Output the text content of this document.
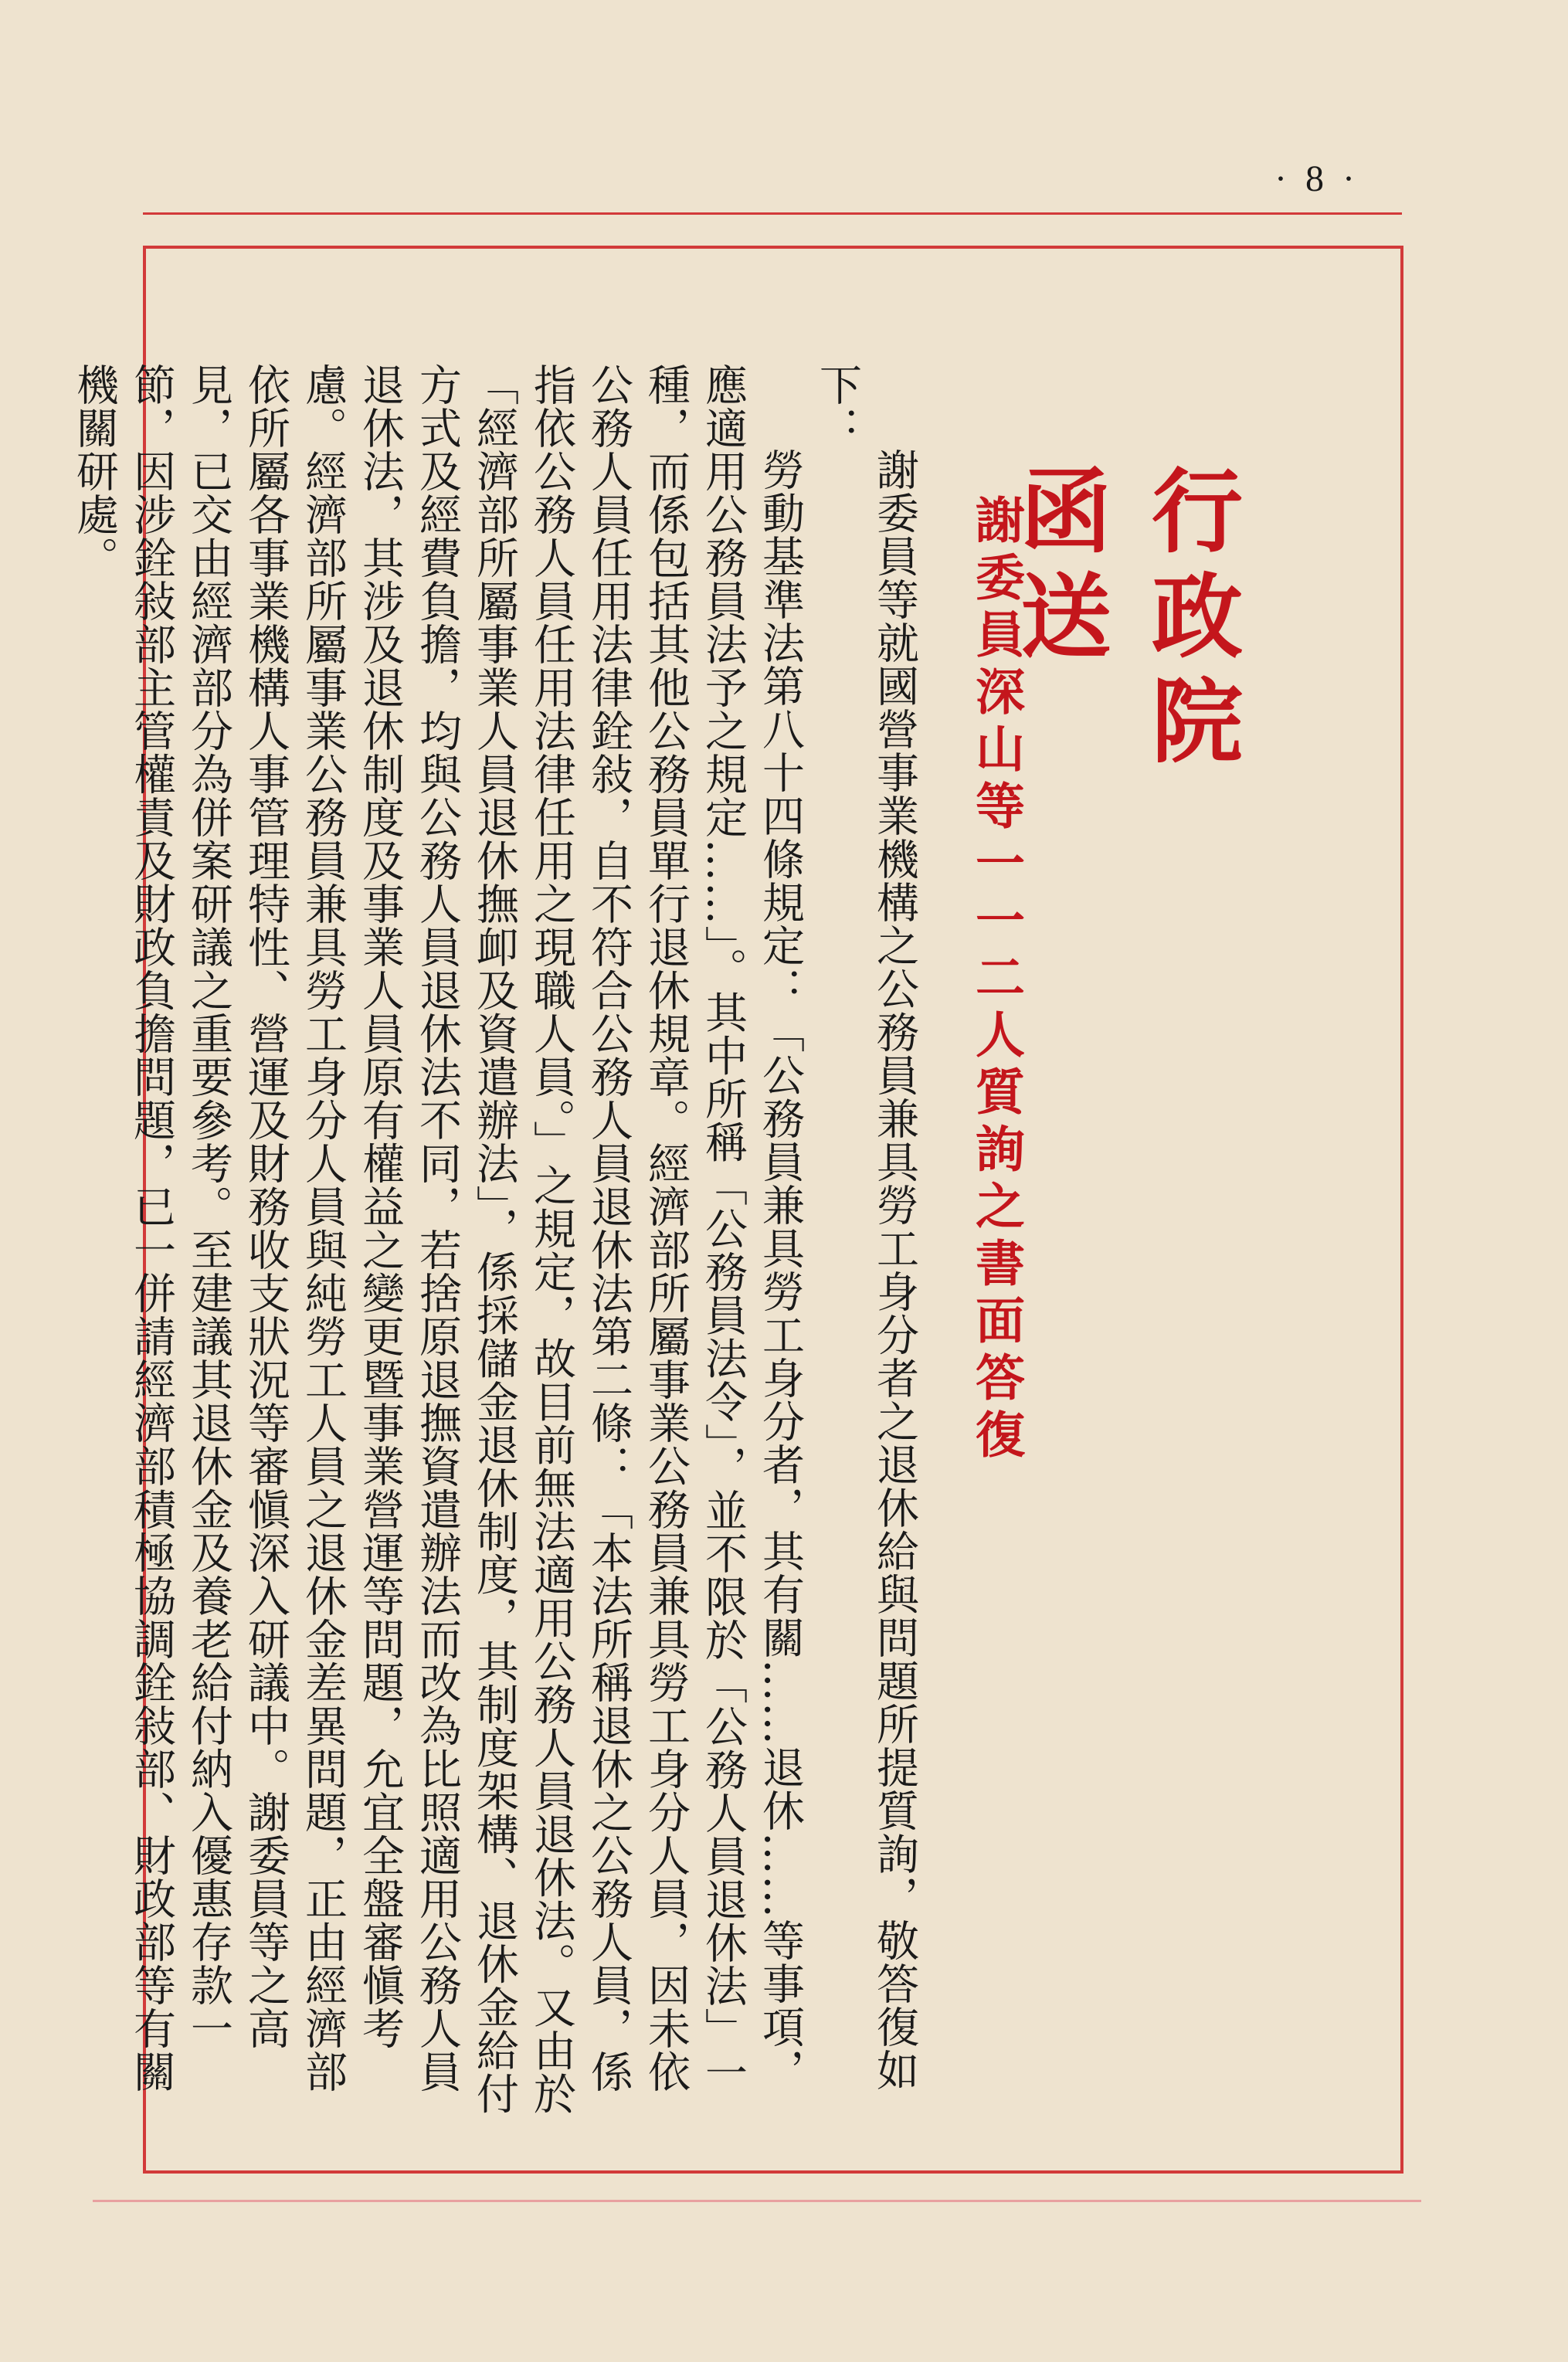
· 8 ·
行政院函送
謝委員深山等一一二人質詢之書面答復

謝委員等就國營事業機構之公務員兼具勞工身分者之退休給與問題所提質詢，敬答復如下：

勞動基準法第八十四條規定：「公務員兼具勞工身分者，其有關……退休……等事項，應適用公務員法予之規定……」。其中所稱「公務員法令」，並不限於「公務人員退休法」一種，而係包括其他公務員單行退休規章。經濟部所屬事業公務員兼具勞工身分人員，因未依公務人員任用法律銓敍，自不符合公務人員退休法第二條：「本法所稱退休之公務人員，係指依公務人員任用法律任用之現職人員。」之規定，故目前無法適用公務人員退休法。又由於「經濟部所屬事業人員退休撫卹及資遣辦法」，係採儲金退休制度，其制度架構、退休金給付方式及經費負擔，均與公務人員退休法不同，若捨原退撫資遣辦法而改為比照適用公務人員退休法，其涉及退休制度及事業人員原有權益之變更暨事業營運等問題，允宜全盤審愼考慮。經濟部所屬事業公務員兼具勞工身分人員與純勞工人員之退休金差異問題，正由經濟部依所屬各事業機構人事管理特性、營運及財務收支狀況等審愼深入研議中。謝委員等之高見，已交由經濟部分為併案研議之重要參考。至建議其退休金及養老給付納入優惠存款一節，因涉銓敍部主管權責及財政負擔問題，已一併請經濟部積極協調銓敍部、財政部等有關機關研處。
